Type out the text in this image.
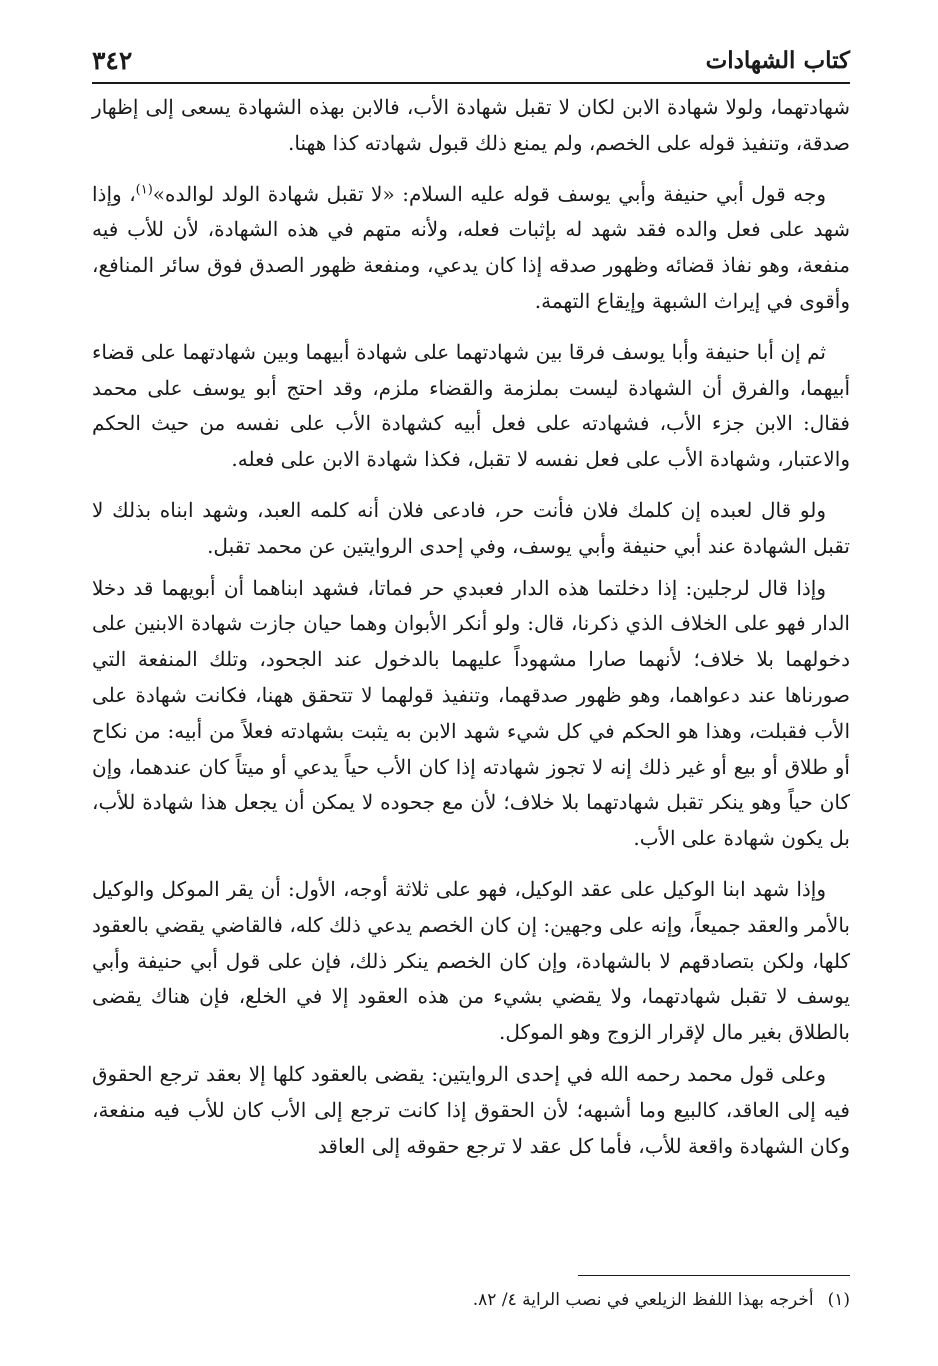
كتاب الشهادات
٣٤٢

شهادتهما، ولولا شهادة الابن لكان لا تقبل شهادة الأب، فالابن بهذه الشهادة يسعى إلى إظهار صدقة، وتنفيذ قوله على الخصم، ولم يمنع ذلك قبول شهادته كذا ههنا.

وجه قول أبي حنيفة وأبي يوسف قوله عليه السلام: «لا تقبل شهادة الولد لوالده»$^{(١)}$، وإذا شهد على فعل والده فقد شهد له بإثبات فعله، ولأنه متهم في هذه الشهادة، لأن للأب فيه منفعة، وهو نفاذ قضائه وظهور صدقه إذا كان يدعي، ومنفعة ظهور الصدق فوق سائر المنافع، وأقوى في إيراث الشبهة وإيقاع التهمة.

ثم إن أبا حنيفة وأبا يوسف فرقا بين شهادتهما على شهادة أبيهما وبين شهادتهما على قضاء أبيهما، والفرق أن الشهادة ليست بملزمة والقضاء ملزم، وقد احتج أبو يوسف على محمد فقال: الابن جزء الأب، فشهادته على فعل أبيه كشهادة الأب على نفسه من حيث الحكم والاعتبار، وشهادة الأب على فعل نفسه لا تقبل، فكذا شهادة الابن على فعله.

ولو قال لعبده إن كلمك فلان فأنت حر، فادعى فلان أنه كلمه العبد، وشهد ابناه بذلك لا تقبل الشهادة عند أبي حنيفة وأبي يوسف، وفي إحدى الروايتين عن محمد تقبل.

وإذا قال لرجلين: إذا دخلتما هذه الدار فعبدي حر فماتا، فشهد ابناهما أن أبويهما قد دخلا الدار فهو على الخلاف الذي ذكرنا، قال: ولو أنكر الأبوان وهما حيان جازت شهادة الابنين على دخولهما بلا خلاف؛ لأنهما صارا مشهوداً عليهما بالدخول عند الجحود، وتلك المنفعة التي صورناها عند دعواهما، وهو ظهور صدقهما، وتنفيذ قولهما لا تتحقق ههنا، فكانت شهادة على الأب فقبلت، وهذا هو الحكم في كل شيء شهد الابن به يثبت بشهادته فعلاً من أبيه: من نكاح أو طلاق أو بيع أو غير ذلك إنه لا تجوز شهادته إذا كان الأب حياً يدعي أو ميتاً كان عندهما، وإن كان حياً وهو ينكر تقبل شهادتهما بلا خلاف؛ لأن مع جحوده لا يمكن أن يجعل هذا شهادة للأب، بل يكون شهادة على الأب.

وإذا شهد ابنا الوكيل على عقد الوكيل، فهو على ثلاثة أوجه، الأول: أن يقر الموكل والوكيل بالأمر والعقد جميعاً، وإنه على وجهين: إن كان الخصم يدعي ذلك كله، فالقاضي يقضي بالعقود كلها، ولكن بتصادقهم لا بالشهادة، وإن كان الخصم ينكر ذلك، فإن على قول أبي حنيفة وأبي يوسف لا تقبل شهادتهما، ولا يقضي بشيء من هذه العقود إلا في الخلع، فإن هناك يقضى بالطلاق بغير مال لإقرار الزوج وهو الموكل.

وعلى قول محمد رحمه الله في إحدى الروايتين: يقضى بالعقود كلها إلا بعقد ترجع الحقوق فيه إلى العاقد، كالبيع وما أشبهه؛ لأن الحقوق إذا كانت ترجع إلى الأب كان للأب فيه منفعة، وكان الشهادة واقعة للأب، فأما كل عقد لا ترجع حقوقه إلى العاقد

(١)أخرجه بهذا اللفظ الزيلعي في نصب الراية ٤/ ٨٢.
